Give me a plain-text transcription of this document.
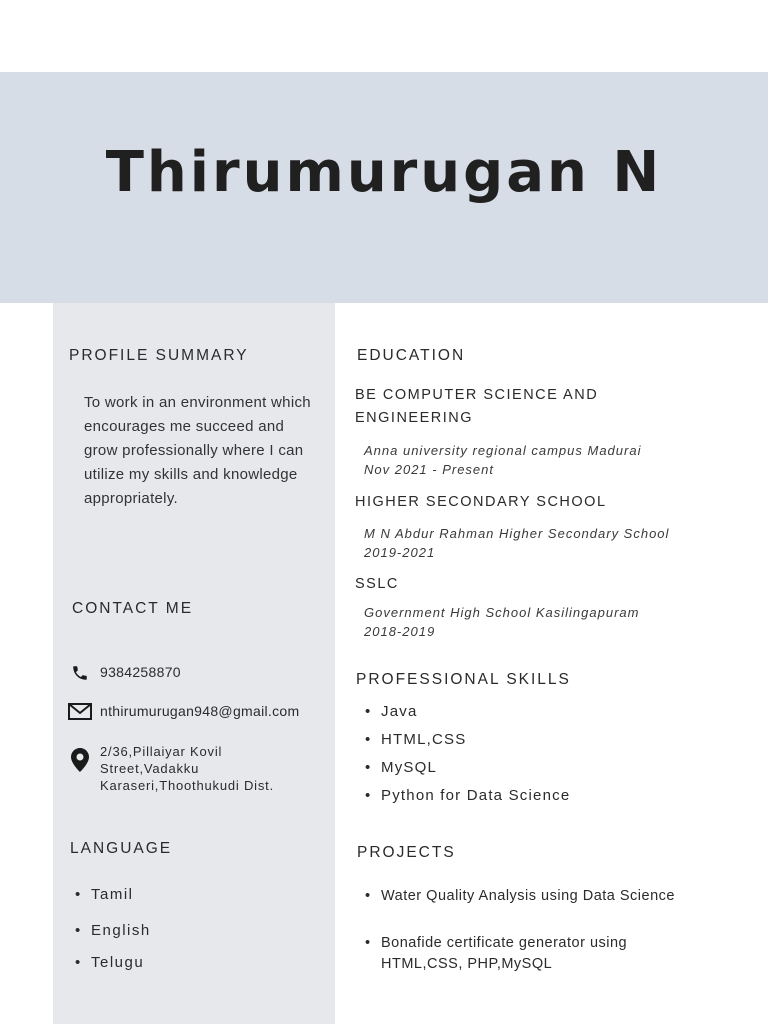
Thirumurugan N
PROFILE SUMMARY
To work in an environment which encourages me succeed and grow professionally where I can utilize my skills and knowledge appropriately.
CONTACT ME
9384258870
nthirumurugan948@gmail.com
2/36,Pillaiyar Kovil Street,Vadakku Karaseri,Thoothukudi Dist.
LANGUAGE
• Tamil
• English
• Telugu
EDUCATION
BE COMPUTER SCIENCE AND ENGINEERING
Anna university regional campus Madurai
Nov 2021 - Present
HIGHER SECONDARY SCHOOL
M N Abdur Rahman Higher Secondary School
2019-2021
SSLC
Government High School Kasilingapuram
2018-2019
PROFESSIONAL SKILLS
• Java
• HTML,CSS
• MySQL
• Python for Data Science
PROJECTS
• Water Quality Analysis using Data Science
• Bonafide certificate generator using HTML,CSS, PHP,MySQL
